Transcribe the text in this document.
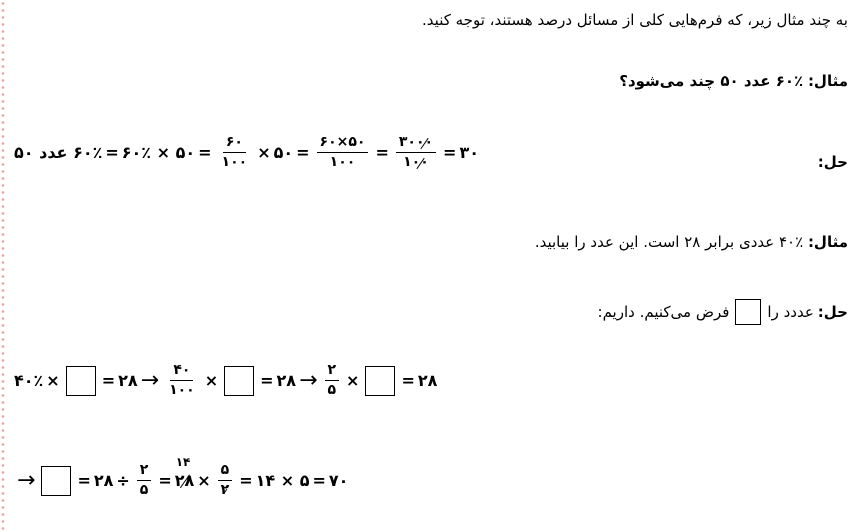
به چند مثال زیر، که فرم‌هایی کلی از مسائل درصد هستند، توجه کنید.
مثال: ٪۶۰ عدد ۵۰ چند می‌شود؟
حل:
۶۰٪ عدد ۵۰ = ۶۰٪ × ۵۰ = $\frac{۶۰}{۱۰۰}$ × ۵۰ = $\frac{۶۰\times ۵۰}{۱۰۰} = \frac{۳۰۰۰}{۱۰۰}$ = ۳۰
مثال: ٪۴۰ عددی برابر ۲۸ است. این عدد را بیابید.
حل:
عددد را
فرض می‌کنیم. داریم:
۴۰٪ ×	= ۲۸ → $\frac{۴۰}{۱۰۰}$ ×	= ۲۸ → $\frac{۲}{۵}$ ×	= ۲۸
→	= ۲۸ ÷ $\frac{۲}{۵}$ =
۱۴
۲۸ × $\frac{۵}{۲}$ = ۱۴ × ۵ = ۷۰
